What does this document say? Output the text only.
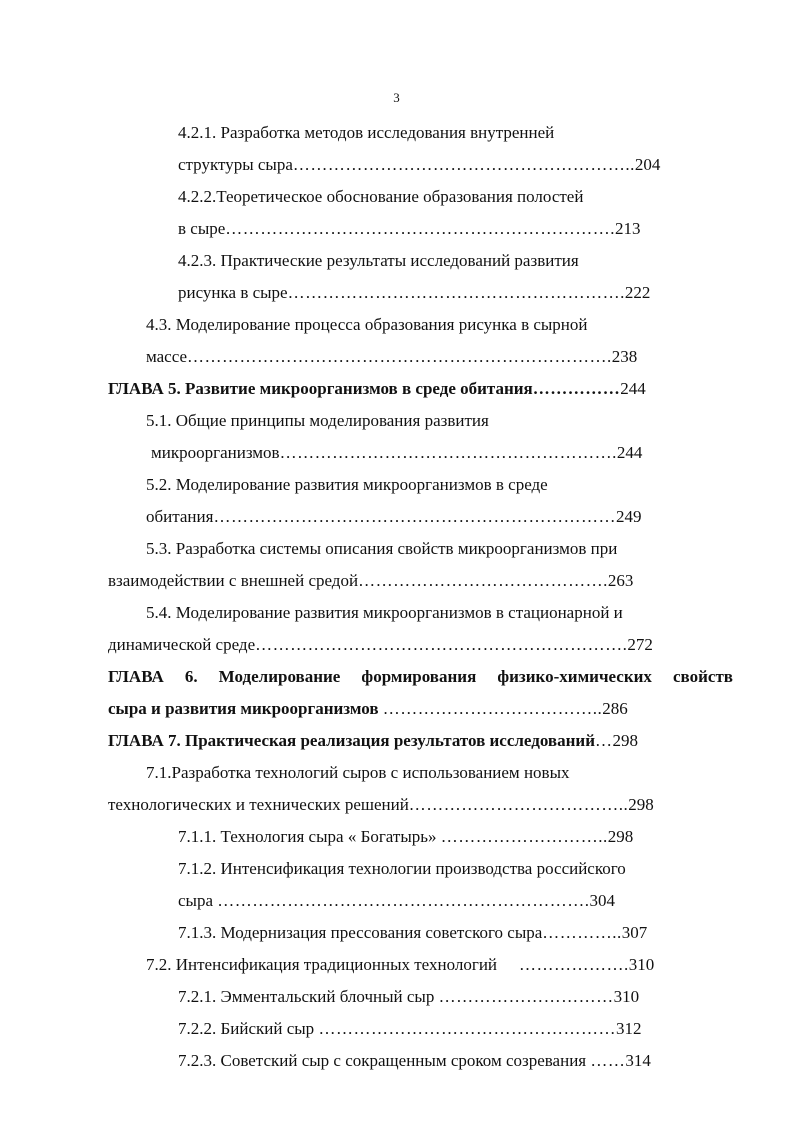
3
4.2.1. Разработка методов исследования внутренней
структуры сыра…………………………………………………..204
4.2.2.Теоретическое обоснование образования полостей
в сыре………………………………………………………….213
4.2.3. Практические результаты исследований развития
рисунка в сыре………………………………………………….222
4.3. Моделирование процесса образования рисунка в сырной
массе……………………………………………………………….238
ГЛАВА 5. Развитие микроорганизмов в среде обитания……………244
5.1. Общие принципы моделирования развития
микроорганизмов………………………………………………….244
5.2. Моделирование развития микроорганизмов в среде
обитания……………………………………………………………249
5.3. Разработка системы описания свойств микроорганизмов при
взаимодействии с внешней средой…………………………………….263
5.4. Моделирование развития микроорганизмов в стационарной и
динамической среде……………………………………………………….272
ГЛАВА 6. Моделирование формирования физико-химических свойств
сыра и развития микроорганизмов ………………………………..286
ГЛАВА 7. Практическая реализация результатов исследований…298
7.1.Разработка технологий сыров с использованием новых
технологических и технических решений………………………………..298
7.1.1. Технология сыра « Богатырь» ………………………..298
7.1.2. Интенсификация технологии производства российского
сыра ……………………………………………………….304
7.1.3. Модернизация прессования советского сыра…………..307
7.2. Интенсификация традиционных технологий ……………….310
7.2.1. Эмментальский блочный сыр …………………………310
7.2.2. Бийский сыр ……………………………………………312
7.2.3. Советский сыр с сокращенным сроком созревания ……314
